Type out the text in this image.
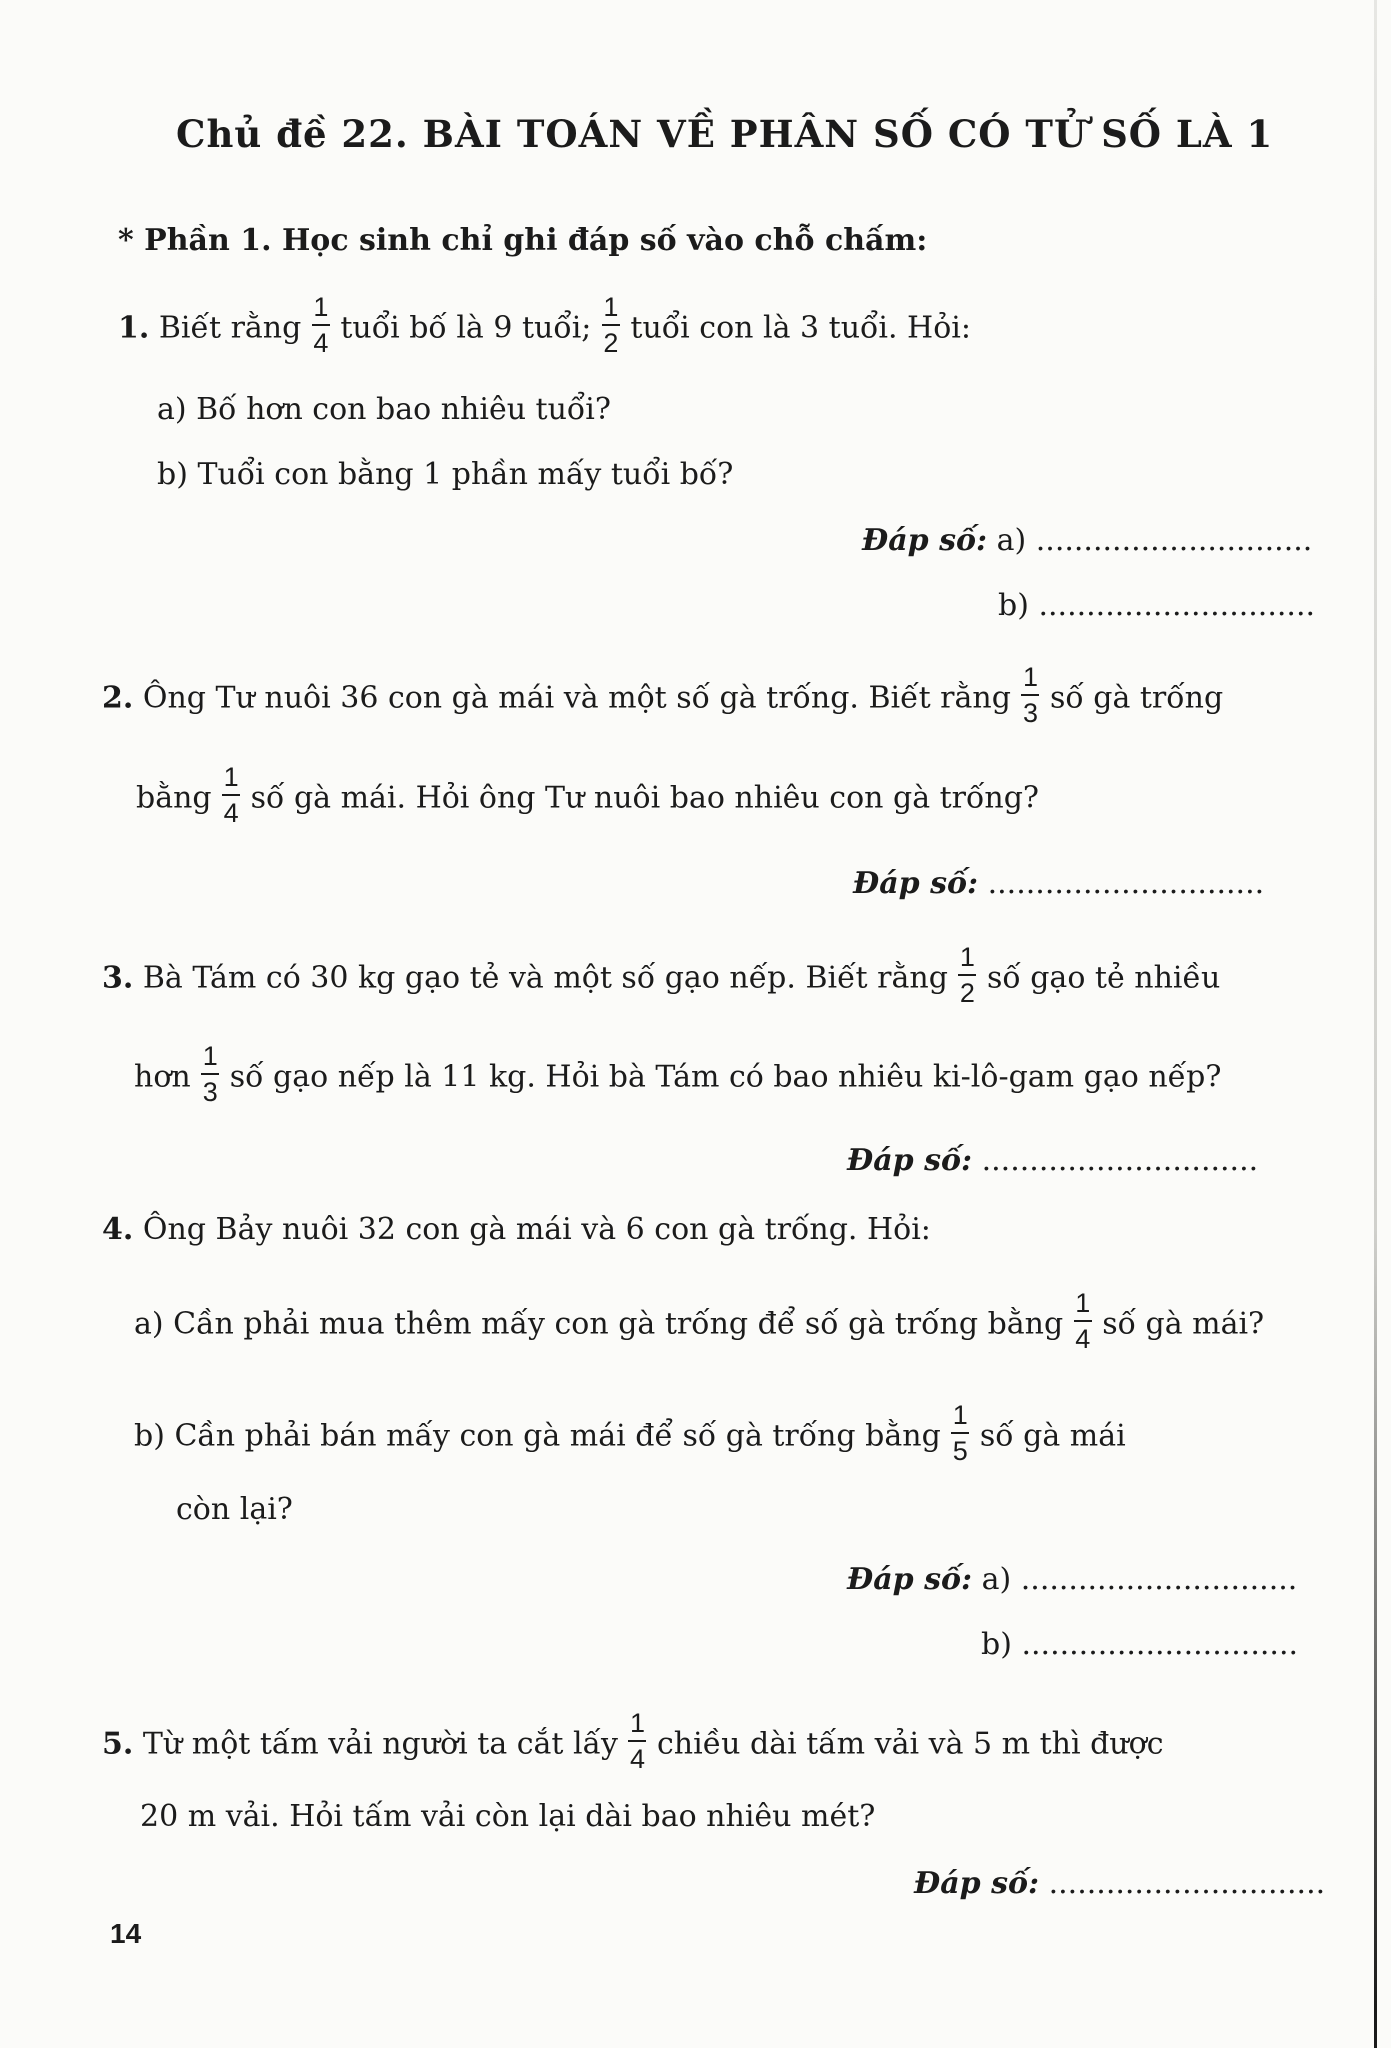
Chủ đề 22. BÀI TOÁN VỀ PHÂN SỐ CÓ TỬ SỐ LÀ 1
* Phần 1. Học sinh chỉ ghi đáp số vào chỗ chấm:
1. Biết rằng $\frac{1}{4}$ tuổi bố là 9 tuổi; $\frac{1}{2}$ tuổi con là 3 tuổi. Hỏi:
a) Bố hơn con bao nhiêu tuổi?
b) Tuổi con bằng 1 phần mấy tuổi bố?
Đáp số: a) .............................
b) .............................
2. Ông Tư nuôi 36 con gà mái và một số gà trống. Biết rằng $\frac{1}{3}$ số gà trống
bằng $\frac{1}{4}$ số gà mái. Hỏi ông Tư nuôi bao nhiêu con gà trống?
Đáp số: .............................
3. Bà Tám có 30 kg gạo tẻ và một số gạo nếp. Biết rằng $\frac{1}{2}$ số gạo tẻ nhiều
hơn $\frac{1}{3}$ số gạo nếp là 11 kg. Hỏi bà Tám có bao nhiêu ki-lô-gam gạo nếp?
Đáp số: .............................
4. Ông Bảy nuôi 32 con gà mái và 6 con gà trống. Hỏi:
a) Cần phải mua thêm mấy con gà trống để số gà trống bằng $\frac{1}{4}$ số gà mái?
b) Cần phải bán mấy con gà mái để số gà trống bằng $\frac{1}{5}$ số gà mái
còn lại?
Đáp số: a) .............................
b) .............................
5. Từ một tấm vải người ta cắt lấy $\frac{1}{4}$ chiều dài tấm vải và 5 m thì được
20 m vải. Hỏi tấm vải còn lại dài bao nhiêu mét?
Đáp số: .............................
14
